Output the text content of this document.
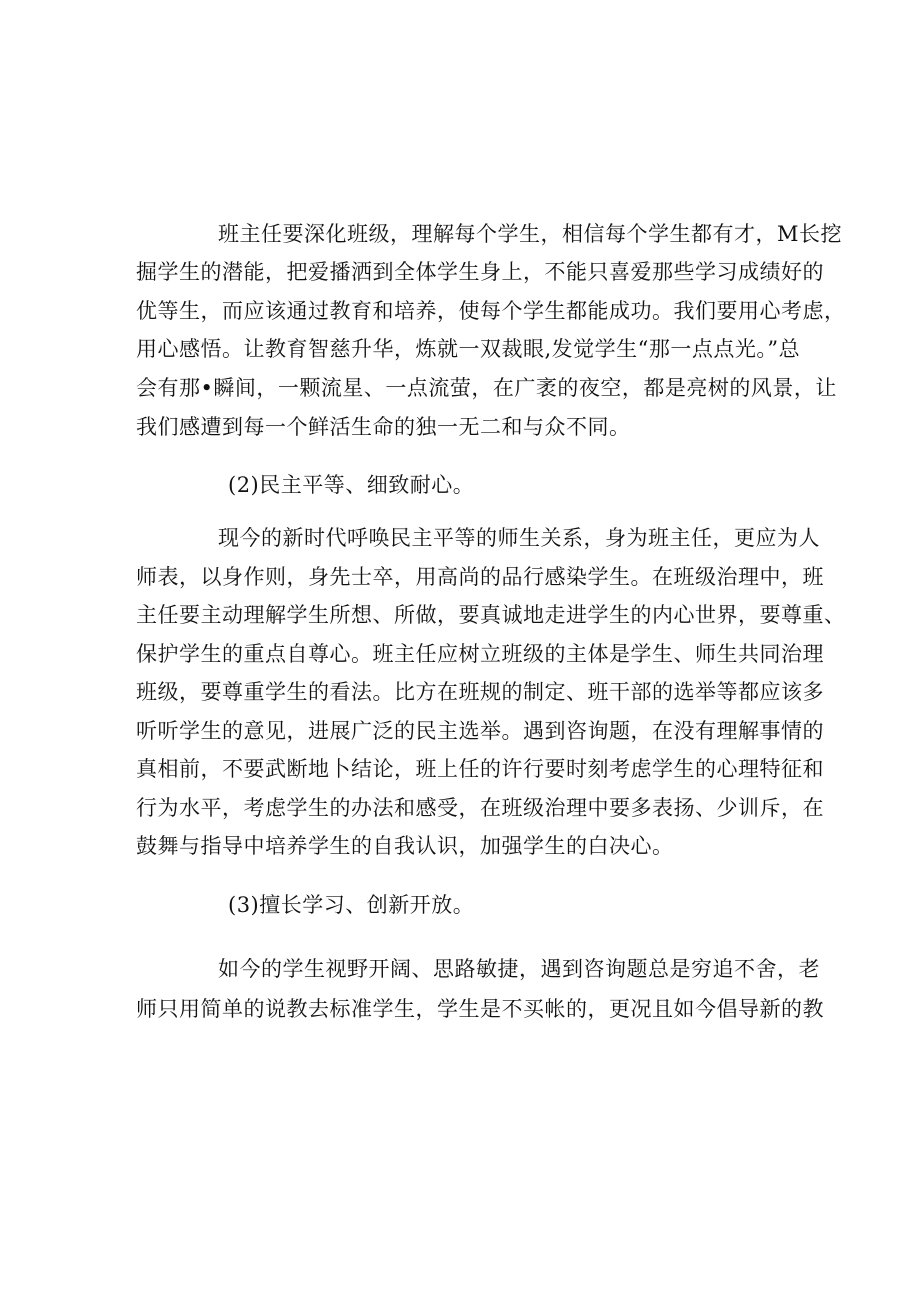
班主任要深化班级，理解每个学生，相信每个学生都有才，M长挖
掘学生的潜能，把爱播洒到全体学生身上，不能只喜爱那些学习成绩好的
优等生，而应该通过教育和培养，使每个学生都能成功。我们要用心考虑，
用心感悟。让教育智慈升华，炼就一双裁眼,发觉学生“那一点点光。”总
会有那•瞬间，一颗流星、一点流萤，在广袤的夜空，都是亮树的风景，让
我们感遭到每一个鲜活生命的独一无二和与众不同。
(2)民主平等、细致耐心。
现今的新时代呼唤民主平等的师生关系，身为班主任，更应为人
师表，以身作则，身先士卒，用高尚的品行感染学生。在班级治理中，班
主任要主动理解学生所想、所做，要真诚地走进学生的内心世界，要尊重、
保护学生的重点自尊心。班主任应树立班级的主体是学生、师生共同治理
班级，要尊重学生的看法。比方在班规的制定、班干部的选举等都应该多
听听学生的意见，进展广泛的民主选举。遇到咨询题，在没有理解事情的
真相前，不要武断地卜结论，班上任的许行要时刻考虑学生的心理特征和
行为水平，考虑学生的办法和感受，在班级治理中要多表扬、少训斥，在
鼓舞与指导中培养学生的自我认识，加强学生的白决心。
(3)擅长学习、创新开放。
如今的学生视野开阔、思路敏捷，遇到咨询题总是穷追不舍，老
师只用简单的说教去标准学生，学生是不买帐的，更况且如今倡导新的教
